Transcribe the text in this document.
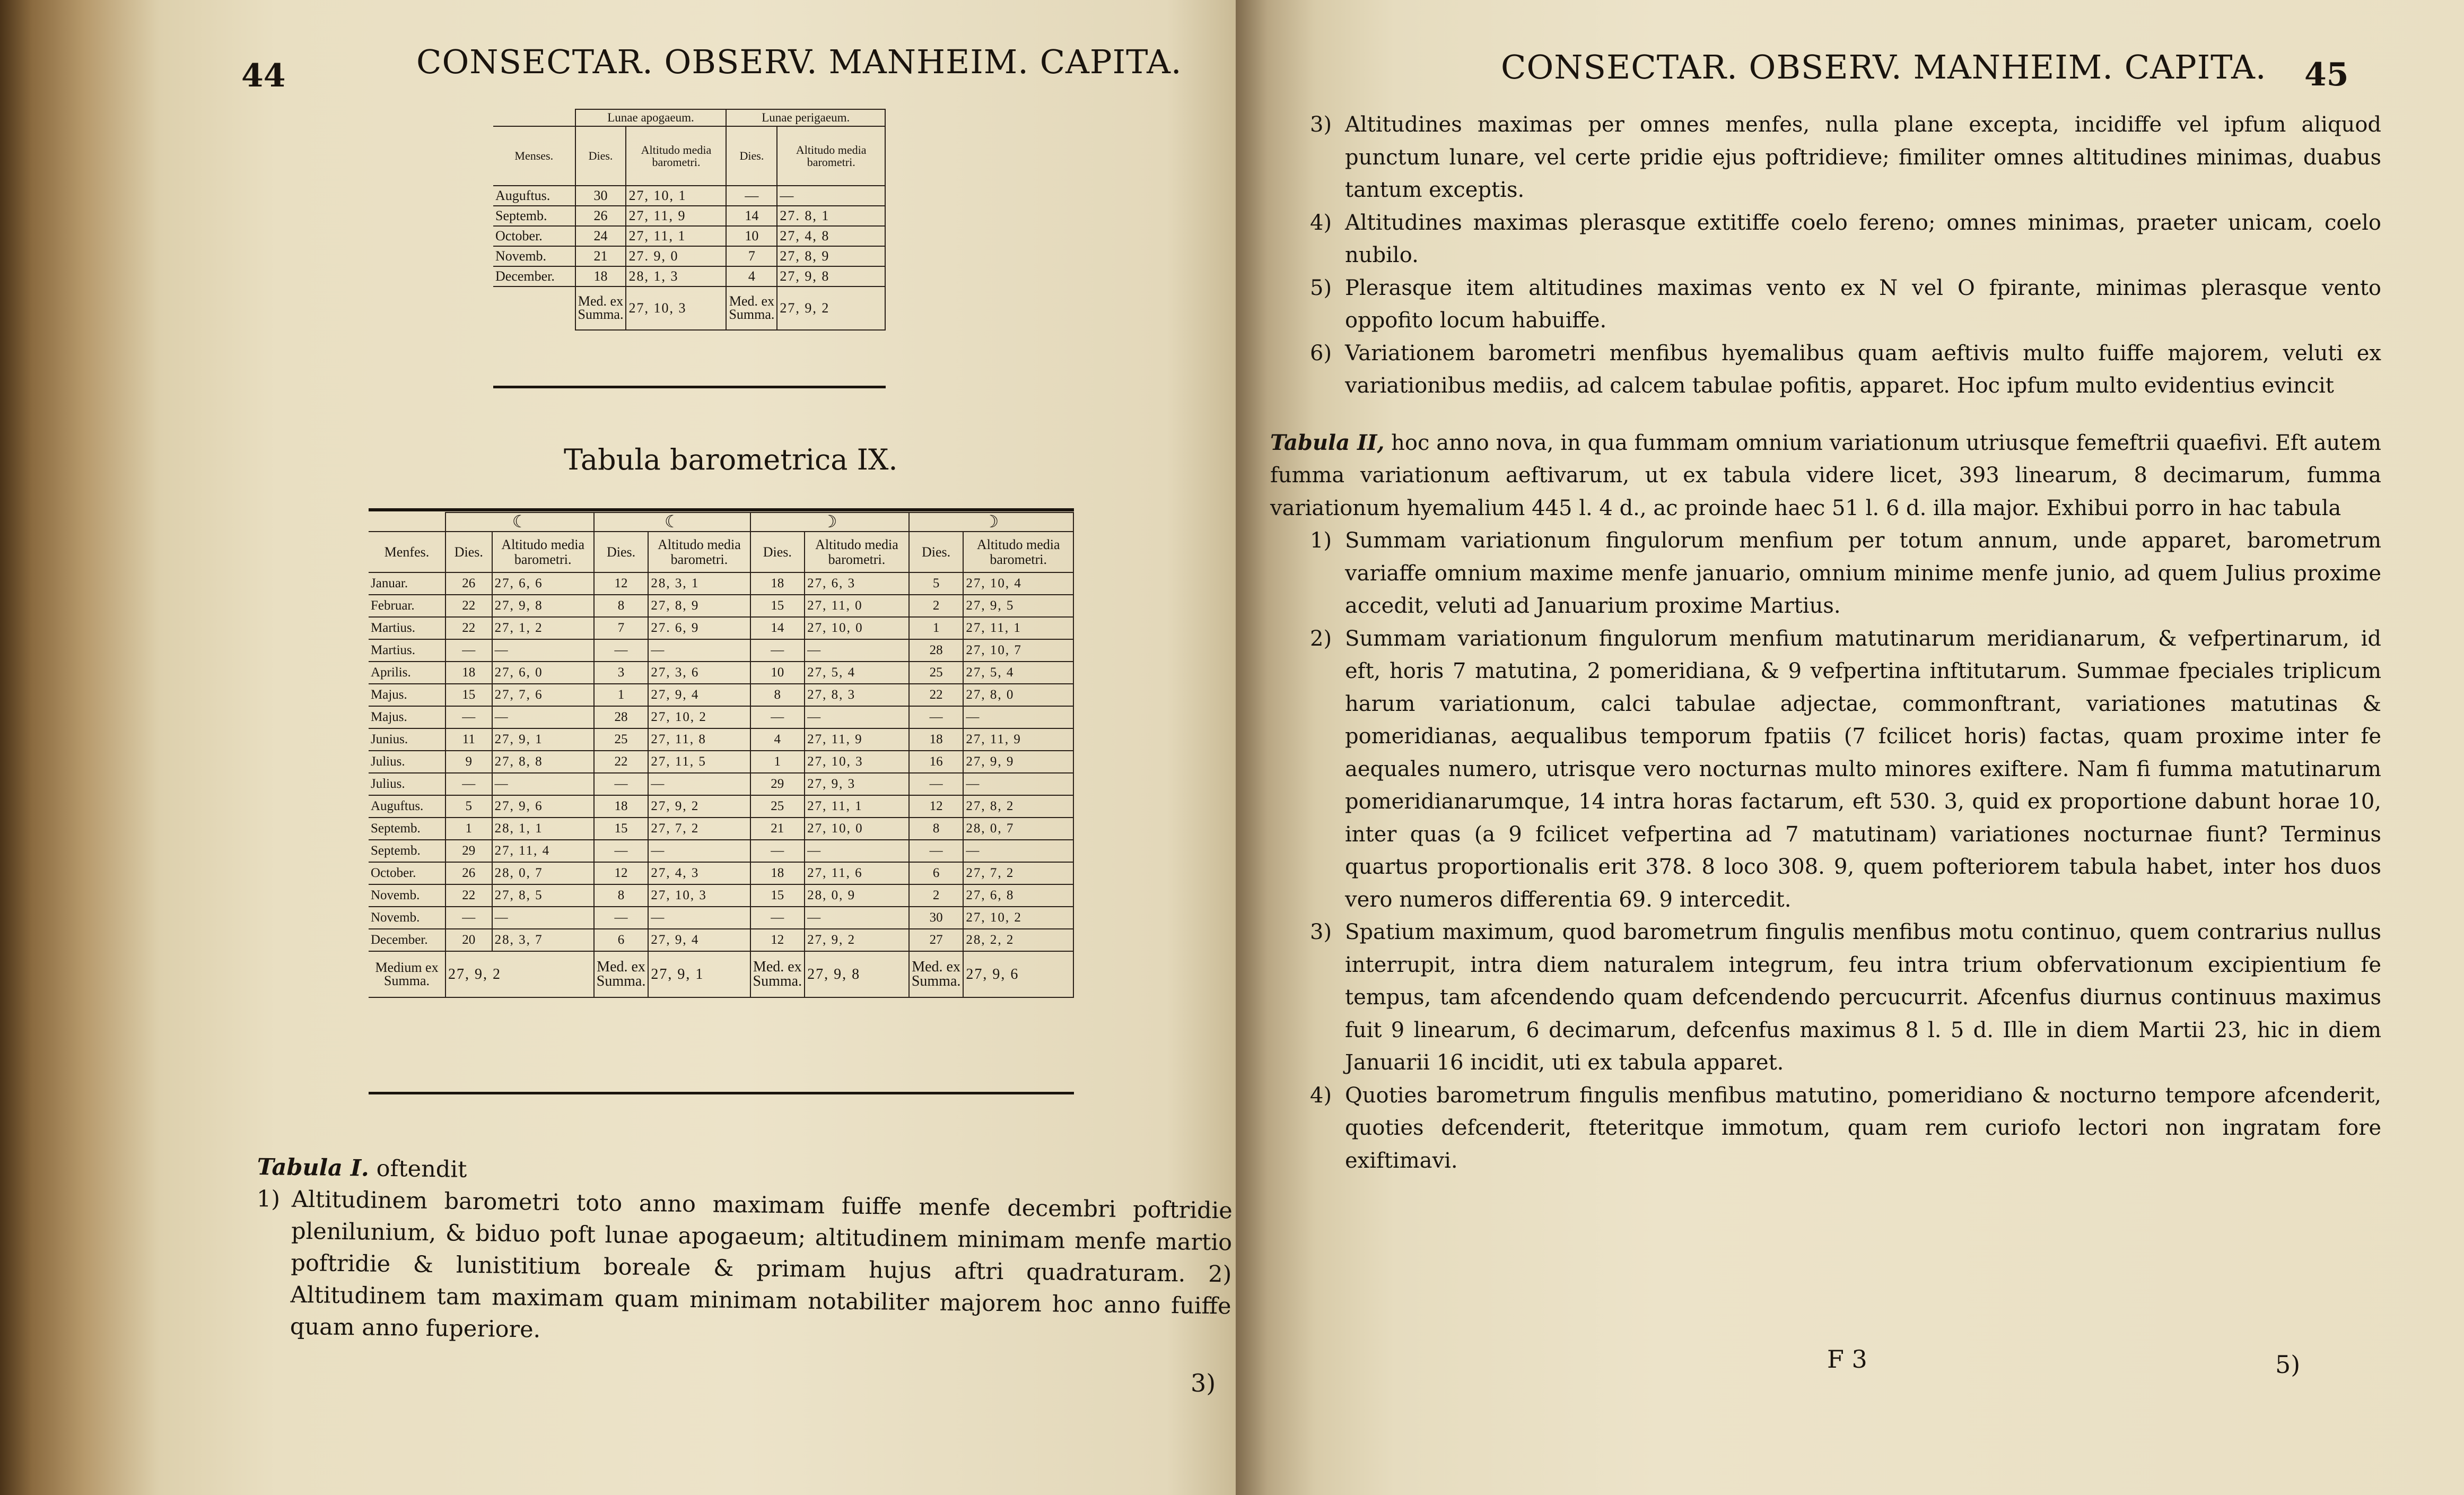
44	CONSECTAR. OBSERV. MANHEIM. CAPITA.
	Lunae apogaeum.		Lunae perigaeum.	
Menses.	Dies.	Altitudo media barometri.	Dies.	Altitudo media barometri.
Auguftus.	30	27, 10, 1	—	—
Septemb.	26	27, 11, 9	14	27. 8, 1
October.	24	27, 11, 1	10	27, 4, 8
Novemb.	21	27. 9, 0	7	27, 8, 9
December.	18	28, 1, 3	4	27, 9, 8
	Med. ex Summa.	27, 10, 3	Med. ex Summa.	27, 9, 2
Tabula barometrica IX.
	☾		☾		☽		☽	
Menfes.	Dies.	Altitudo media barometri.	Dies.	Altitudo media barometri.	Dies.	Altitudo media barometri.	Dies.	Altitudo media barometri.
Januar.	26	27, 6, 6	12	28, 3, 1	18	27, 6, 3	5	27, 10, 4
Februar.	22	27, 9, 8	8	27, 8, 9	15	27, 11, 0	2	27, 9, 5
Martius.	22	27, 1, 2	7	27. 6, 9	14	27, 10, 0	1	27, 11, 1
Martius.	—	—	—	—	—	—	28	27, 10, 7
Aprilis.	18	27, 6, 0	3	27, 3, 6	10	27, 5, 4	25	27, 5, 4
Majus.	15	27, 7, 6	1	27, 9, 4	8	27, 8, 3	22	27, 8, 0
Majus.	—	—	28	27, 10, 2	—	—	—	—
Junius.	11	27, 9, 1	25	27, 11, 8	4	27, 11, 9	18	27, 11, 9
Julius.	9	27, 8, 8	22	27, 11, 5	1	27, 10, 3	16	27, 9, 9
Julius.	—	—	—	—	29	27, 9, 3	—	—
Auguftus.	5	27, 9, 6	18	27, 9, 2	25	27, 11, 1	12	27, 8, 2
Septemb.	1	28, 1, 1	15	27, 7, 2	21	27, 10, 0	8	28, 0, 7
Septemb.	29	27, 11, 4	—	—	—	—	—	—
October.	26	28, 0, 7	12	27, 4, 3	18	27, 11, 6	6	27, 7, 2
Novemb.	22	27, 8, 5	8	27, 10, 3	15	28, 0, 9	2	27, 6, 8
Novemb.	—	—	—	—	—	—	30	27, 10, 2
December.	20	28, 3, 7	6	27, 9, 4	12	27, 9, 2	27	28, 2, 2
Medium ex Summa.	27, 9, 2		Med. ex Summa.	27, 9, 1	Med. ex Summa.	27, 9, 8	Med. ex Summa.	27, 9, 6
Tabula I. oftendit
1) Altitudinem barometri toto anno maximam fuiffe menfe decembri poftridie plenilunium, & biduo poft lunae apogaeum; altitudinem minimam menfe martio poftridie & lunistitium boreale & primam hujus aftri quadraturam. 2) Altitudinem tam maximam quam minimam notabiliter majorem hoc anno fuiffe quam anno fuperiore.
3)
CONSECTAR. OBSERV. MANHEIM. CAPITA. 45
3) Altitudines maximas per omnes menfes, nulla plane excepta, incidiffe vel ipfum aliquod punctum lunare, vel certe pridie ejus poftridieve; fimiliter omnes altitudines minimas, duabus tantum exceptis.
4) Altitudines maximas plerasque extitiffe coelo fereno; omnes minimas, praeter unicam, coelo nubilo.
5) Plerasque item altitudines maximas vento ex N vel O fpirante, minimas plerasque vento oppofito locum habuiffe.
6) Variationem barometri menfibus hyemalibus quam aeftivis multo fuiffe majorem, veluti ex variationibus mediis, ad calcem tabulae pofitis, apparet. Hoc ipfum multo evidentius evincit
Tabula II, hoc anno nova, in qua fummam omnium variationum utriusque femeftrii quaefivi. Eft autem fumma variationum aeftivarum, ut ex tabula videre licet, 393 linearum, 8 decimarum, fumma variationum hyemalium 445 l. 4 d., ac proinde haec 51 l. 6 d. illa major. Exhibui porro in hac tabula
1) Summam variationum fingulorum menfium per totum annum, unde apparet, barometrum variaffe omnium maxime menfe januario, omnium minime menfe junio, ad quem Julius proxime accedit, veluti ad Januarium proxime Martius.
2) Summam variationum fingulorum menfium matutinarum meridianarum, & vefpertinarum, id eft, horis 7 matutina, 2 pomeridiana, & 9 vefpertina inftitutarum. Summae fpeciales triplicum harum variationum, calci tabulae adjectae, commonftrant, variationes matutinas & pomeridianas, aequalibus temporum fpatiis (7 fcilicet horis) factas, quam proxime inter fe aequales numero, utrisque vero nocturnas multo minores exiftere. Nam fi fumma matutinarum pomeridianarumque, 14 intra horas factarum, eft 530. 3, quid ex proportione dabunt horae 10, inter quas (a 9 fcilicet vefpertina ad 7 matutinam) variationes nocturnae fiunt? Terminus quartus proportionalis erit 378. 8 loco 308. 9, quem pofteriorem tabula habet, inter hos duos vero numeros differentia 69. 9 intercedit.
3) Spatium maximum, quod barometrum fingulis menfibus motu continuo, quem contrarius nullus interrupit, intra diem naturalem integrum, feu intra trium obfervationum excipientium fe tempus, tam afcendendo quam defcendendo percucurrit. Afcenfus diurnus continuus maximus fuit 9 linearum, 6 decimarum, defcenfus maximus 8 l. 5 d. Ille in diem Martii 23, hic in diem Januarii 16 incidit, uti ex tabula apparet.
4) Quoties barometrum fingulis menfibus matutino, pomeridiano & nocturno tempore afcenderit, quoties defcenderit, fteteritque immotum, quam rem curiofo lectori non ingratam fore exiftimavi.
F 3	5)
